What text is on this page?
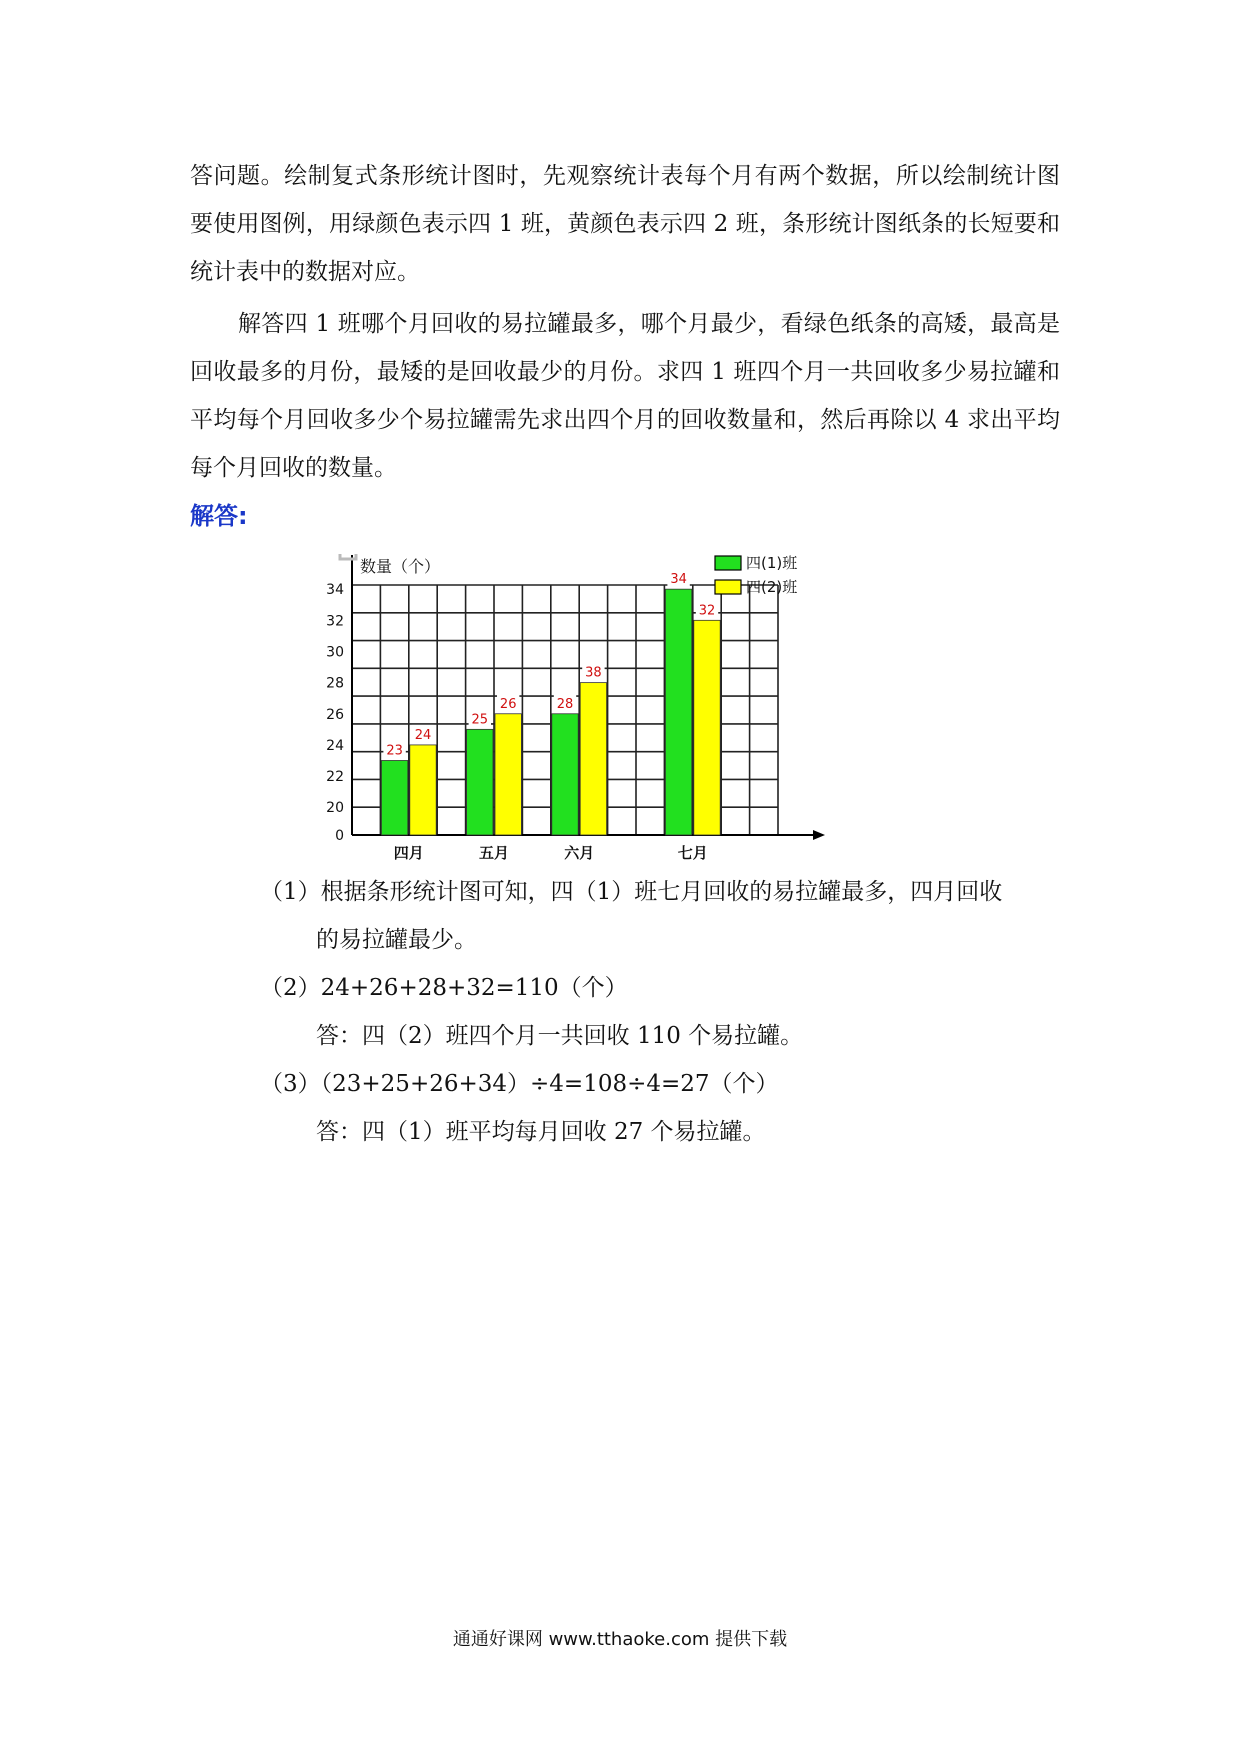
答问题。绘制复式条形统计图时，先观察统计表每个月有两个数据，所以绘制统计图要使用图例，用绿颜色表示四 1 班，黄颜色表示四 2 班，条形统计图纸条的长短要和统计表中的数据对应。

解答四 1 班哪个月回收的易拉罐最多，哪个月最少，看绿色纸条的高矮，最高是回收最多的月份，最矮的是回收最少的月份。求四 1 班四个月一共回收多少易拉罐和平均每个月回收多少个易拉罐需先求出四个月的回收数量和，然后再除以 4 求出平均每个月回收的数量。

解答:

数量（个）
0
20
22
24
26
28
30
32
34
23
24
四月
25
26
五月
28
38
六月
34
32
七月
四(1)班
四(2)班

（1）根据条形统计图可知，四（1）班七月回收的易拉罐最多，四月回收

的易拉罐最少。

（2）24+26+28+32=110（个）

答：四（2）班四个月一共回收 110 个易拉罐。

（3）（23+25+26+34）÷4=108÷4=27（个）

答：四（1）班平均每月回收 27 个易拉罐。

通通好课网 www.tthaoke.com 提供下载
